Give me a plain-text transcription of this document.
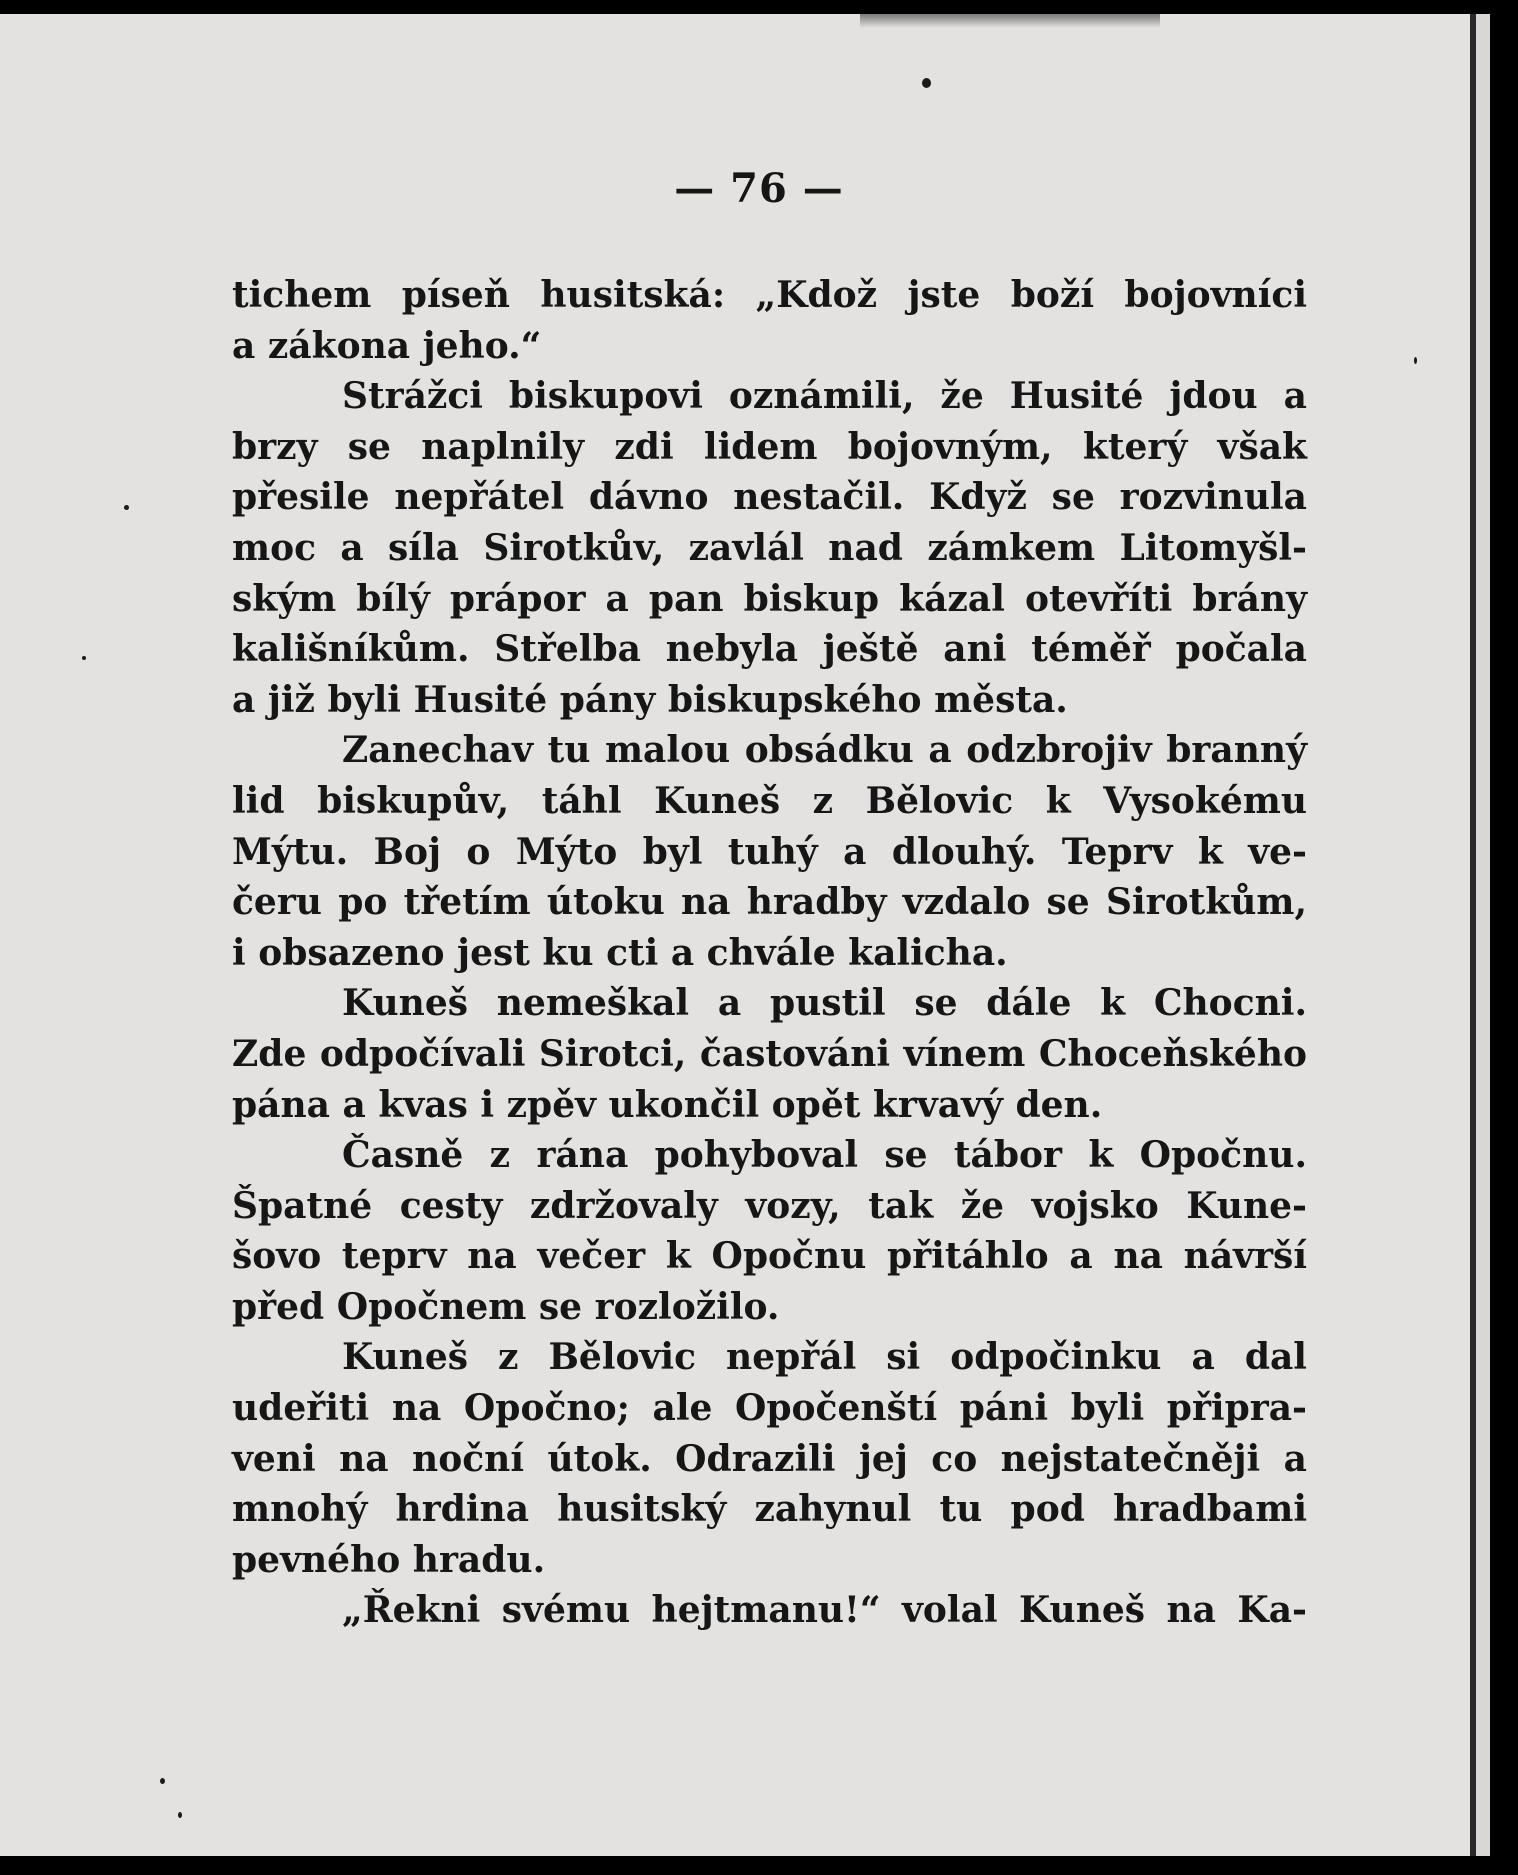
— 76 —
tichem píseň husitská: „Kdož jste boží bojovníci
a zákona jeho.“
Strážci biskupovi oznámili, že Husité jdou a
brzy se naplnily zdi lidem bojovným, který však
přesile nepřátel dávno nestačil. Když se rozvinula
moc a síla Sirotkův, zavlál nad zámkem Litomyšl-
ským bílý prápor a pan biskup kázal otevříti brány
kališníkům. Střelba nebyla ještě ani téměř počala
a již byli Husité pány biskupského města.
Zanechav tu malou obsádku a odzbrojiv branný
lid biskupův, táhl Kuneš z Bělovic k Vysokému
Mýtu. Boj o Mýto byl tuhý a dlouhý. Teprv k ve-
čeru po třetím útoku na hradby vzdalo se Sirotkům,
i obsazeno jest ku cti a chvále kalicha.
Kuneš nemeškal a pustil se dále k Chocni.
Zde odpočívali Sirotci, častováni vínem Choceňského
pána a kvas i zpěv ukončil opět krvavý den.
Časně z rána pohyboval se tábor k Opočnu.
Špatné cesty zdržovaly vozy, tak že vojsko Kune-
šovo teprv na večer k Opočnu přitáhlo a na návrší
před Opočnem se rozložilo.
Kuneš z Bělovic nepřál si odpočinku a dal
udeřiti na Opočno; ale Opočenští páni byli připra-
veni na noční útok. Odrazili jej co nejstatečněji a
mnohý hrdina husitský zahynul tu pod hradbami
pevného hradu.
„Řekni svému hejtmanu!“ volal Kuneš na Ka-
